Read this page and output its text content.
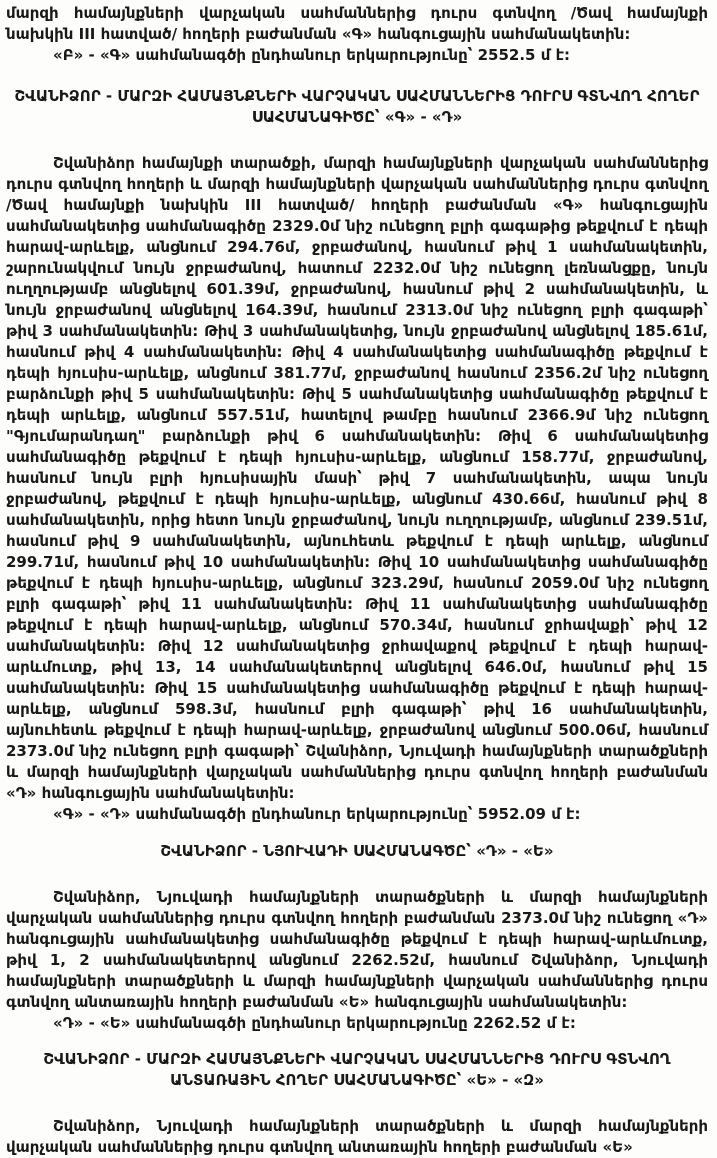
մարզի համայնքների վարչական սահմաններից դուրս գտնվող /Ծավ համայնքի նախկին III հատված/ հողերի բաժանման «Գ» հանգուցային սահմանակետին:

«Բ» - «Գ» սահմանագծի ընդհանուր երկարությունը՝ 2552.5 մ է:

ՇՎԱՆԻՁՈՐ - ՄԱՐԶԻ ՀԱՄԱՅՆՔՆԵՐԻ ՎԱՐՉԱԿԱՆ ՍԱՀՄԱՆՆԵՐԻՑ ԴՈՒՐՍ ԳՏՆՎՈՂ ՀՈՂԵՐ ՍԱՀՄԱՆԱԳԻԾԸ՝ «Գ» - «Դ»

Շվանիձոր համայնքի տարածքի, մարզի համայնքների վարչական սահմաններից դուրս գտնվող հողերի և մարզի համայնքների վարչական սահմաններից դուրս գտնվող /Ծավ համայնքի նախկին III հատված/ հողերի բաժանման «Գ» հանգուցային սահմանակետից սահմանագիծը 2329.0մ նիշ ունեցող բլրի գագաթից թեքվում է դեպի հարավ-արևելք, անցնում 294.76մ, ջրբաժանով, հասնում թիվ 1 սահմանակետին, շարունակվում նույն ջրբաժանով, հատում 2232.0մ նիշ ունեցող լեռնանցքը, նույն ուղղությամբ անցնելով 601.39մ, ջրբաժանով, հասնում թիվ 2 սահմանակետին, և նույն ջրբաժանով անցնելով 164.39մ, հասնում 2313.0մ նիշ ունեցող բլրի գագաթի՝ թիվ 3 սահմանակետին: Թիվ 3 սահմանակետից, նույն ջրբաժանով անցնելով 185.61մ, հասնում թիվ 4 սահմանակետին: Թիվ 4 սահմանակետից սահմանագիծը թեքվում է դեպի հյուսիս-արևելք, անցնում 381.77մ, ջրբաժանով հասնում 2356.2մ նիշ ունեցող բարձունքի թիվ 5 սահմանակետին: Թիվ 5 սահմանակետից սահմանագիծը թեքվում է դեպի արևելք, անցնում 557.51մ, հատելով թամբը հասնում 2366.9մ նիշ ունեցող "Գյումարանդաղ" բարձունքի թիվ 6 սահմանակետին: Թիվ 6 սահմանակետից սահմանագիծը թեքվում է դեպի հյուսիս-արևելք, անցնում 158.77մ, ջրբաժանով, հասնում նույն բլրի հյուսիսային մասի՝ թիվ 7 սահմանակետին, ապա նույն ջրբաժանով, թեքվում է դեպի հյուսիս-արևելք, անցնում 430.66մ, հասնում թիվ 8 սահմանակետին, որից հետո նույն ջրբաժանով, նույն ուղղությամբ, անցնում 239.51մ, հասնում թիվ 9 սահմանակետին, այնուհետև թեքվում է դեպի արևելք, անցնում 299.71մ, հասնում թիվ 10 սահմանակետին: Թիվ 10 սահմանակետից սահմանագիծը թեքվում է դեպի հյուսիս-արևելք, անցնում 323.29մ, հասնում 2059.0մ նիշ ունեցող բլրի գագաթի՝ թիվ 11 սահմանակետին: Թիվ 11 սահմանակետից սահմանագիծը թեքվում է դեպի հարավ-արևելք, անցնում 570.34մ, հասնում ջրհավաքի՝ թիվ 12 սահմանակետին: Թիվ 12 սահմանակետից ջրհավաքով թեքվում է դեպի հարավ-արևմուտք, թիվ 13, 14 սահմանակետերով անցնելով 646.0մ, հասնում թիվ 15 սահմանակետին: Թիվ 15 սահմանակետից սահմանագիծը թեքվում է դեպի հարավ-արևելք, անցնում 598.3մ, հասնում բլրի գագաթի՝ թիվ 16 սահմանակետին, այնուհետև թեքվում է դեպի հարավ-արևելք, ջրբաժանով անցնում 500.06մ, հասնում 2373.0մ նիշ ունեցող բլրի գագաթի՝ Շվանիձոր, Նյուվադի համայնքների տարածքների և մարզի համայնքների վարչական սահմաններից դուրս գտնվող հողերի բաժանման «Դ» հանգուցային սահմանակետին:

«Գ» - «Դ» սահմանագծի ընդհանուր երկարությունը՝ 5952.09 մ է:

ՇՎԱՆԻՁՈՐ - ՆՅՈՒՎԱԴԻ ՍԱՀՄԱՆԱԳԾԸ՝ «Դ» - «Ե»

Շվանիձոր, Նյուվադի համայնքների տարածքների և մարզի համայնքների վարչական սահմաններից դուրս գտնվող հողերի բաժանման 2373.0մ նիշ ունեցող «Դ» հանգուցային սահմանակետից սահմանագիծը թեքվում է դեպի հարավ-արևմուտք, թիվ 1, 2 սահմանակետերով անցնում 2262.52մ, հասնում Շվանիձոր, Նյուվադի համայնքների տարածքների և մարզի համայնքների վարչական սահմաններից դուրս գտնվող անտառային հողերի բաժանման «Ե» հանգուցային սահմանակետին:

«Դ» - «Ե» սահմանագծի ընդհանուր երկարությունը 2262.52 մ է:

ՇՎԱՆԻՁՈՐ - ՄԱՐԶԻ ՀԱՄԱՅՆՔՆԵՐԻ ՎԱՐՉԱԿԱՆ ՍԱՀՄԱՆՆԵՐԻՑ ԴՈՒՐՍ ԳՏՆՎՈՂ ԱՆՏԱՌԱՅԻՆ ՀՈՂԵՐ ՍԱՀՄԱՆԱԳԻԾԸ՝ «Ե» - «Զ»

Շվանիձոր, Նյուվադի համայնքների տարածքների և մարզի համայնքների վարչական սահմաններից դուրս գտնվող անտառային հողերի բաժանման «Ե»
